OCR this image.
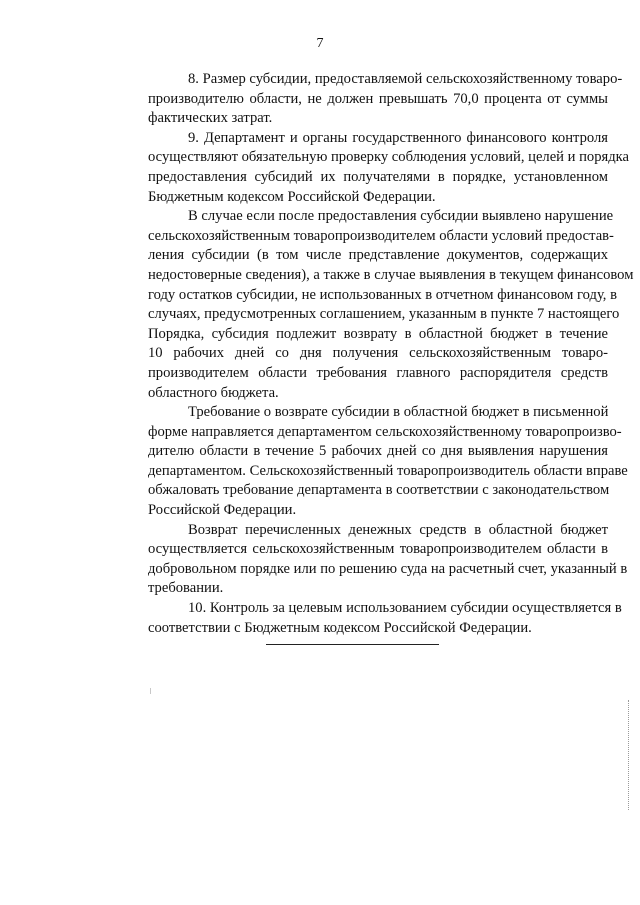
7
8. Размер субсидии, предоставляемой сельскохозяйственному товаро-
производителю области, не должен превышать 70,0 процента от суммы
фактических затрат.
9. Департамент и органы государственного финансового контроля
осуществляют обязательную проверку соблюдения условий, целей и порядка
предоставления субсидий их получателями в порядке, установленном
Бюджетным кодексом Российской Федерации.
В случае если после предоставления субсидии выявлено нарушение
сельскохозяйственным товаропроизводителем области условий предостав-
ления субсидии (в том числе представление документов, содержащих
недостоверные сведения), а также в случае выявления в текущем финансовом
году остатков субсидии, не использованных в отчетном финансовом году, в
случаях, предусмотренных соглашением, указанным в пункте 7 настоящего
Порядка, субсидия подлежит возврату в областной бюджет в течение
10 рабочих дней со дня получения сельскохозяйственным товаро-
производителем области требования главного распорядителя средств
областного бюджета.
Требование о возврате субсидии в областной бюджет в письменной
форме направляется департаментом сельскохозяйственному товаропроизво-
дителю области в течение 5 рабочих дней со дня выявления нарушения
департаментом. Сельскохозяйственный товаропроизводитель области вправе
обжаловать требование департамента в соответствии с законодательством
Российской Федерации.
Возврат перечисленных денежных средств в областной бюджет
осуществляется сельскохозяйственным товаропроизводителем области в
добровольном порядке или по решению суда на расчетный счет, указанный в
требовании.
10. Контроль за целевым использованием субсидии осуществляется в
соответствии с Бюджетным кодексом Российской Федерации.
